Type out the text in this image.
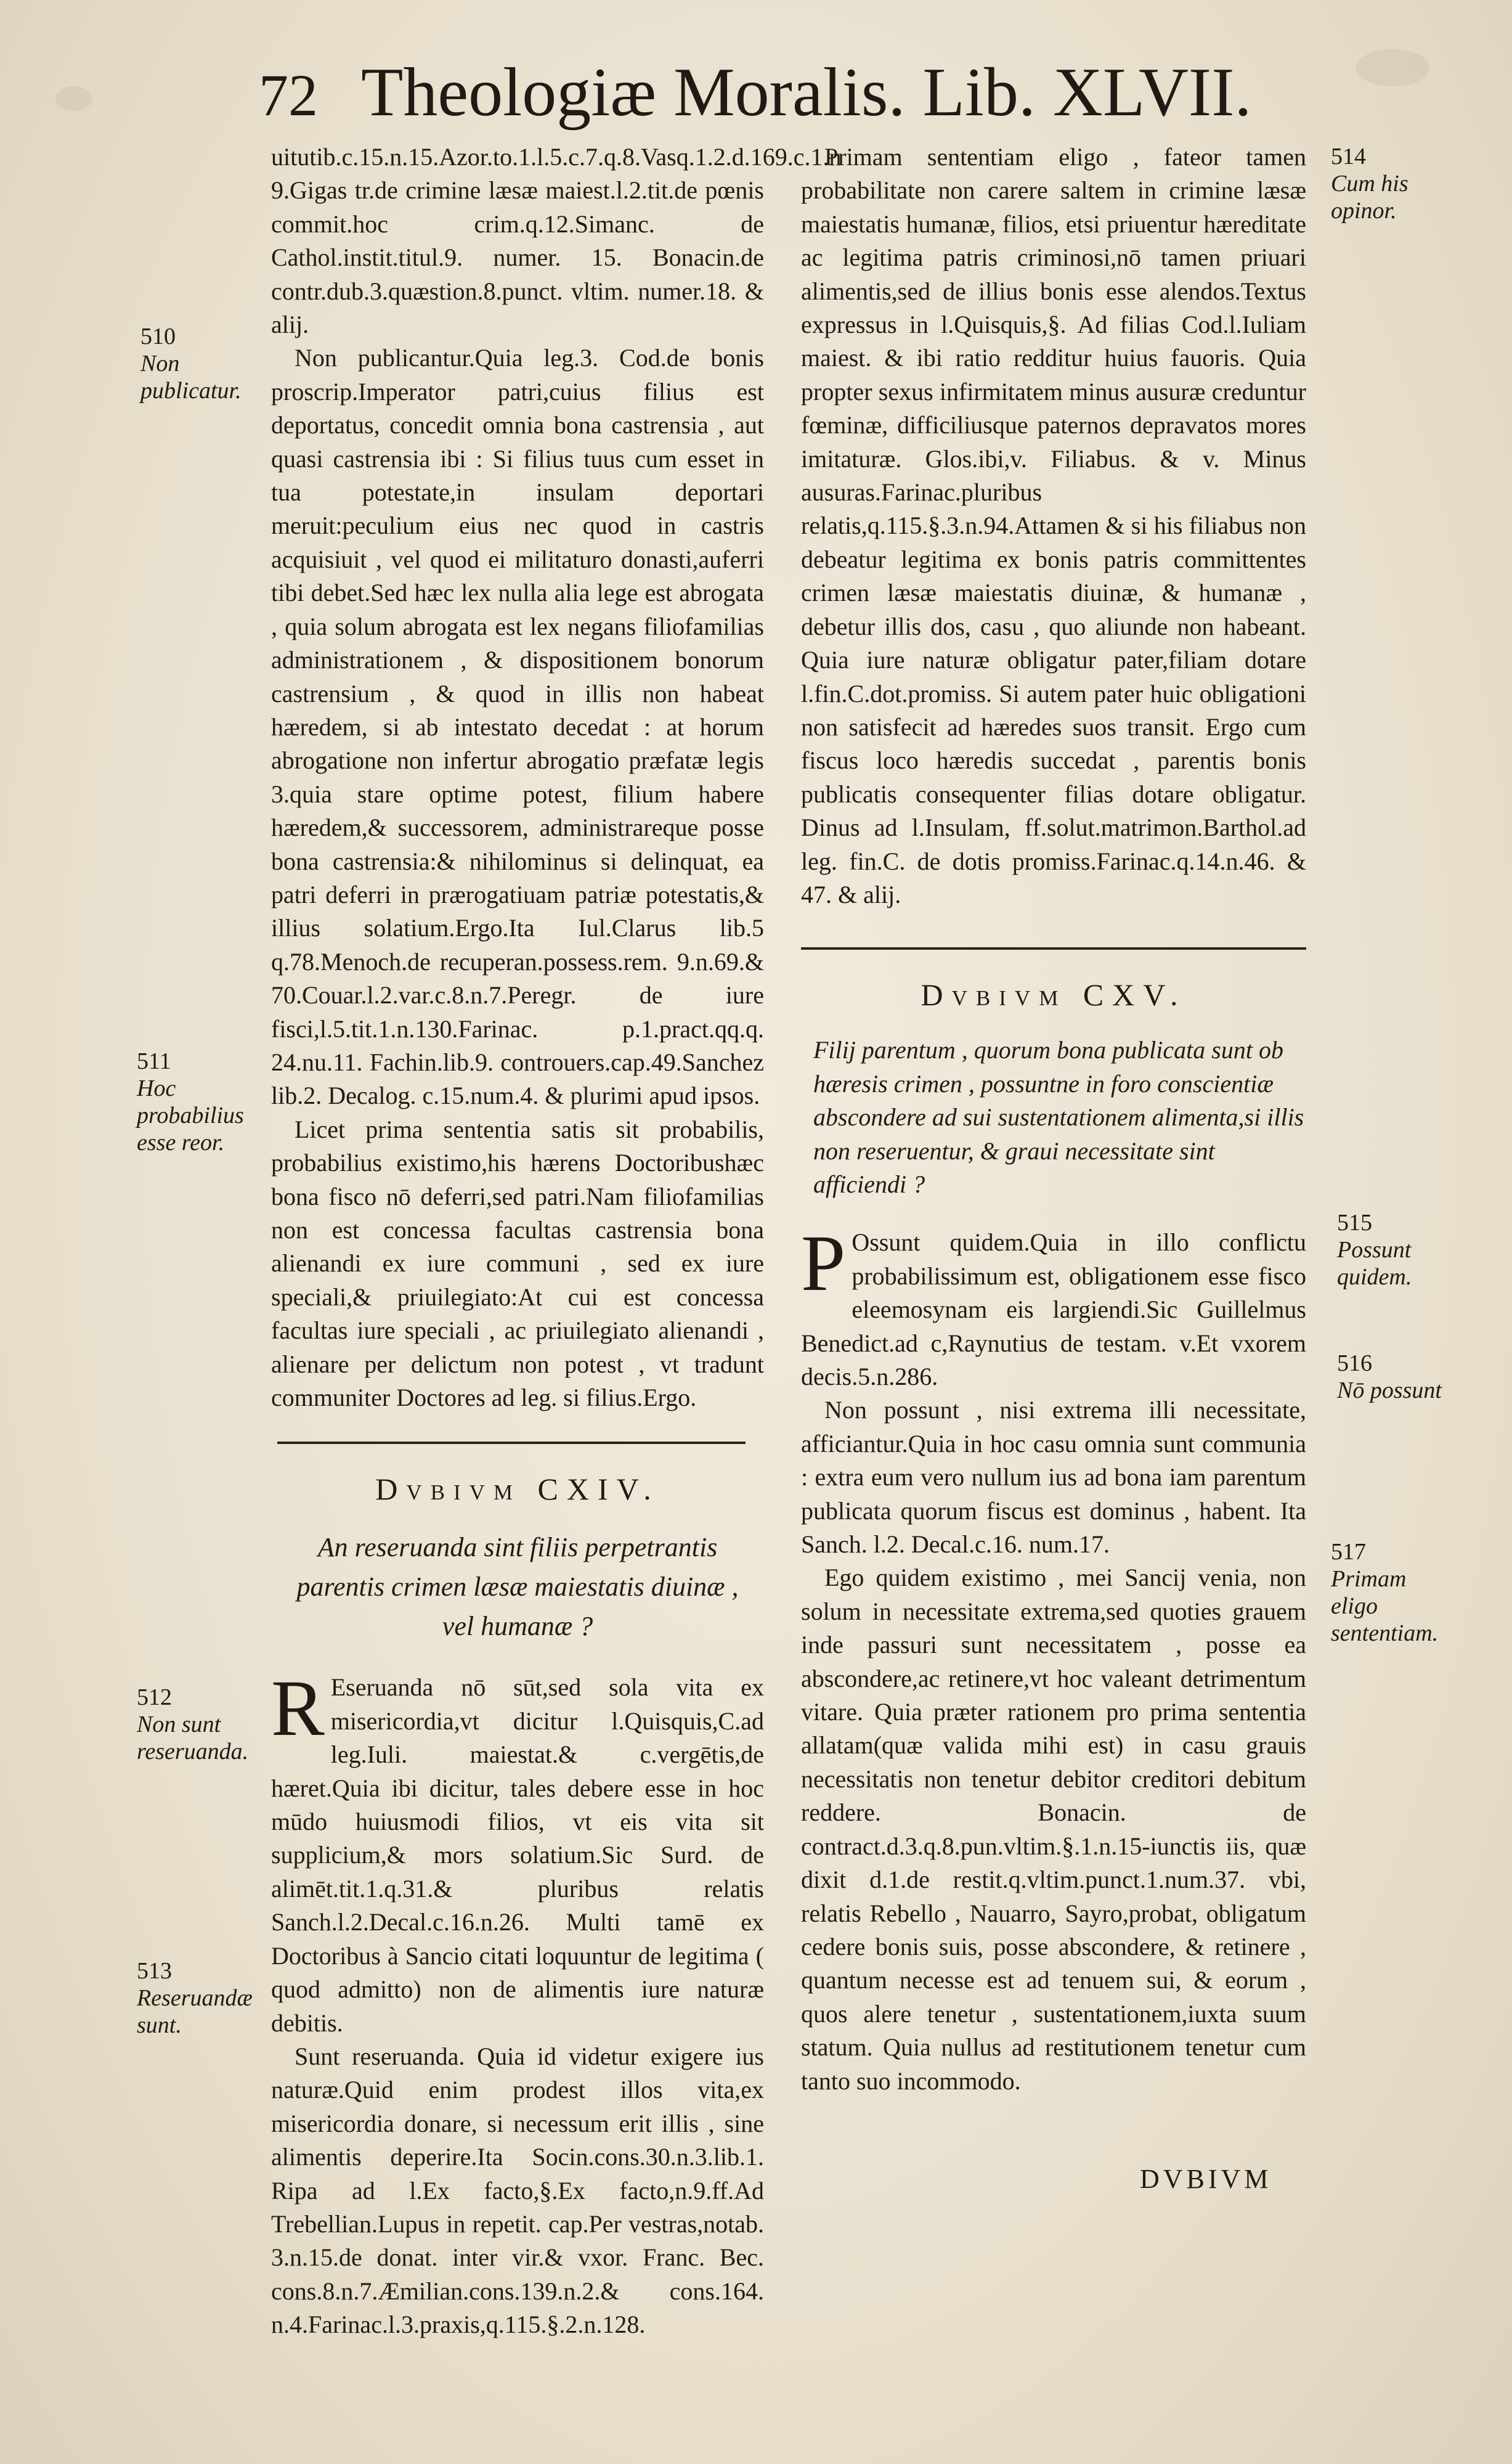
72 Theologiæ Moralis. Lib. XLVII.
510
Non publicatur.
511
Hoc probabilius esse reor.
512
Non sunt reseruanda.
513
Reseruandæ sunt.
514
Cum his opinor.
515
Possunt quidem.
516
Nō possunt
517
Primam eligo sententiam.

uitutib.c.15.n.15.Azor.to.1.l.5.c.7.q.8.Vasq.1.2.d.169.c.1.n 9.Gigas tr.de crimine læsæ maiest.l.2.tit.de pœnis commit.hoc crim.q.12.Simanc. de Cathol.instit.titul.9. numer. 15. Bonacin.de contr.dub.3.quæstion.8.punct. vltim. numer.18. & alij.

Non publicantur.Quia leg.3. Cod.de bonis proscrip.Imperator patri,cuius filius est deportatus, concedit omnia bona castrensia , aut quasi castrensia ibi : Si filius tuus cum esset in tua potestate,in insulam deportari meruit:peculium eius nec quod in castris acquisiuit , vel quod ei militaturo donasti,auferri tibi debet.Sed hæc lex nulla alia lege est abrogata , quia solum abrogata est lex negans filiofamilias administrationem , & dispositionem bonorum castrensium , & quod in illis non habeat hæredem, si ab intestato decedat : at horum abrogatione non infertur abrogatio præfatæ legis 3.quia stare optime potest, filium habere hæredem,& successorem, administrareque posse bona castrensia:& nihilominus si delinquat, ea patri deferri in prærogatiuam patriæ potestatis,& illius solatium.Ergo.Ita Iul.Clarus lib.5 q.78.Menoch.de recuperan.possess.rem. 9.n.69.& 70.Couar.l.2.var.c.8.n.7.Peregr. de iure fisci,l.5.tit.1.n.130.Farinac. p.1.pract.qq.q. 24.nu.11. Fachin.lib.9. controuers.cap.49.Sanchez lib.2. Decalog. c.15.num.4. & plurimi apud ipsos.

Licet prima sententia satis sit probabilis, probabilius existimo,his hærens Doctoribushæc bona fisco nō deferri,sed patri.Nam filiofamilias non est concessa facultas castrensia bona alienandi ex iure communi , sed ex iure speciali,& priuilegiato:At cui est concessa facultas iure speciali , ac priuilegiato alienandi , alienare per delictum non potest , vt tradunt communiter Doctores ad leg. si filius.Ergo.

Dvbivm CXIV.
An reseruanda sint filiis perpetrantis parentis crimen læsæ maiestatis diuinæ , vel humanæ ?

R Eseruanda nō sūt,sed sola vita ex misericordia,vt dicitur l.Quisquis,C.ad leg.Iuli. maiestat.& c.vergētis,de hæret.Quia ibi dicitur, tales debere esse in hoc mūdo huiusmodi filios, vt eis vita sit supplicium,& mors solatium.Sic Surd. de alimēt.tit.1.q.31.& pluribus relatis Sanch.l.2.Decal.c.16.n.26. Multi tamē ex Doctoribus à Sancio citati loquuntur de legitima ( quod admitto) non de alimentis iure naturæ debitis.

Sunt reseruanda. Quia id videtur exigere ius naturæ.Quid enim prodest illos vita,ex misericordia donare, si necessum erit illis , sine alimentis deperire.Ita Socin.cons.30.n.3.lib.1. Ripa ad l.Ex facto,§.Ex facto,n.9.ff.Ad Trebellian.Lupus in repetit. cap.Per vestras,notab. 3.n.15.de donat. inter vir.& vxor. Franc. Bec. cons.8.n.7.Æmilian.cons.139.n.2.& cons.164. n.4.Farinac.l.3.praxis,q.115.§.2.n.128.

Primam sententiam eligo , fateor tamen probabilitate non carere saltem in crimine læsæ maiestatis humanæ, filios, etsi priuentur hæreditate ac legitima patris criminosi,nō tamen priuari alimentis,sed de illius bonis esse alendos.Textus expressus in l.Quisquis,§. Ad filias Cod.l.Iuliam maiest. & ibi ratio redditur huius fauoris. Quia propter sexus infirmitatem minus ausuræ creduntur fœminæ, difficiliusque paternos depravatos mores imitaturæ. Glos.ibi,v. Filiabus. & v. Minus ausuras.Farinac.pluribus relatis,q.115.§.3.n.94.Attamen & si his filiabus non debeatur legitima ex bonis patris committentes crimen læsæ maiestatis diuinæ, & humanæ , debetur illis dos, casu , quo aliunde non habeant. Quia iure naturæ obligatur pater,filiam dotare l.fin.C.dot.promiss. Si autem pater huic obligationi non satisfecit ad hæredes suos transit. Ergo cum fiscus loco hæredis succedat , parentis bonis publicatis consequenter filias dotare obligatur. Dinus ad l.Insulam, ff.solut.matrimon.Barthol.ad leg. fin.C. de dotis promiss.Farinac.q.14.n.46. & 47. & alij.

Dvbivm CXV.
Filij parentum , quorum bona publicata sunt ob hæresis crimen , possuntne in foro conscientiæ abscondere ad sui sustentationem alimenta,si illis non reseruentur, & graui necessitate sint afficiendi ?

P Ossunt quidem.Quia in illo conflictu probabilissimum est, obligationem esse fisco eleemosynam eis largiendi.Sic Guillelmus Benedict.ad c,Raynutius de testam. v.Et vxorem decis.5.n.286.

Non possunt , nisi extrema illi necessitate, afficiantur.Quia in hoc casu omnia sunt communia : extra eum vero nullum ius ad bona iam parentum publicata quorum fiscus est dominus , habent. Ita Sanch. l.2. Decal.c.16. num.17.

Ego quidem existimo , mei Sancij venia, non solum in necessitate extrema,sed quoties grauem inde passuri sunt necessitatem , posse ea abscondere,ac retinere,vt hoc valeant detrimentum vitare. Quia præter rationem pro prima sententia allatam(quæ valida mihi est) in casu grauis necessitatis non tenetur debitor creditori debitum reddere. Bonacin. de contract.d.3.q.8.pun.vltim.§.1.n.15-iunctis iis, quæ dixit d.1.de restit.q.vltim.punct.1.num.37. vbi, relatis Rebello , Nauarro, Sayro,probat, obligatum cedere bonis suis, posse abscondere, & retinere , quantum necesse est ad tenuem sui, & eorum , quos alere tenetur , sustentationem,iuxta suum statum. Quia nullus ad restitutionem tenetur cum tanto suo incommodo.

DVBIVM
